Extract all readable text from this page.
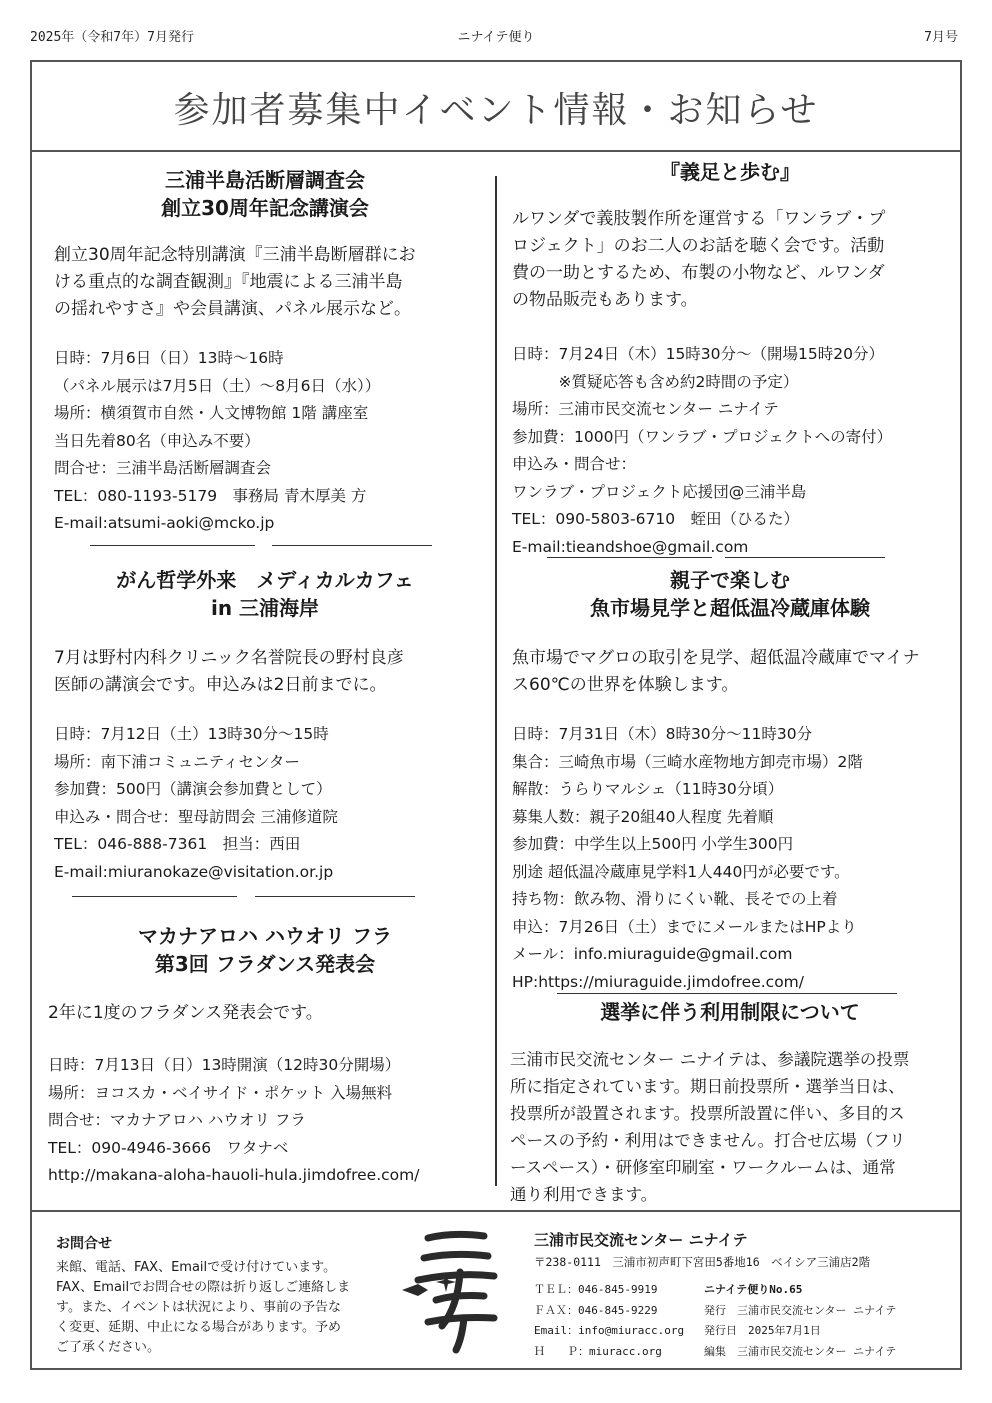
2025年（令和7年）7月発行	ニナイテ便り	7月号
参加者募集中イベント情報・お知らせ
三浦半島活断層調査会
創立30周年記念講演会
創立30周年記念特別講演『三浦半島断層群にお
ける重点的な調査観測』『地震による三浦半島
の揺れやすさ』や会員講演、パネル展示など。
日時：7月6日（日）13時～16時
（パネル展示は7月5日（土）～8月6日（水））
場所：横須賀市自然・人文博物館 1階 講座室
当日先着80名（申込み不要）
問合せ：三浦半島活断層調査会
TEL：080-1193-5179　事務局 青木厚美 方
E-mail:atsumi-aoki@mcko.jp
がん哲学外来　メディカルカフェ
in 三浦海岸
7月は野村内科クリニック名誉院長の野村良彦
医師の講演会です。申込みは2日前までに。
日時：7月12日（土）13時30分～15時
場所：南下浦コミュニティセンター
参加費：500円（講演会参加費として）
申込み・問合せ：聖母訪問会 三浦修道院
TEL：046-888-7361　担当：西田
E-mail:miuranokaze@visitation.or.jp
マカナアロハ ハウオリ フラ
第3回 フラダンス発表会
2年に1度のフラダンス発表会です。
日時：7月13日（日）13時開演（12時30分開場）
場所：ヨコスカ・ベイサイド・ポケット 入場無料
問合せ：マカナアロハ ハウオリ フラ
TEL：090-4946-3666　ワタナベ
http://makana-aloha-hauoli-hula.jimdofree.com/
『義足と歩む』
ルワンダで義肢製作所を運営する「ワンラブ・プ
ロジェクト」のお二人のお話を聴く会です。活動
費の一助とするため、布製の小物など、ルワンダ
の物品販売もあります。
日時：7月24日（木）15時30分～（開場15時20分）
　　　※質疑応答も含め約2時間の予定）
場所：三浦市民交流センター ニナイテ
参加費：1000円（ワンラブ・プロジェクトへの寄付）
申込み・問合せ：
ワンラブ・プロジェクト応援団@三浦半島
TEL：090-5803-6710　蛭田（ひるた）
E-mail:tieandshoe@gmail.com
親子で楽しむ
魚市場見学と超低温冷蔵庫体験
魚市場でマグロの取引を見学、超低温冷蔵庫でマイナ
ス60℃の世界を体験します。
日時：7月31日（木）8時30分～11時30分
集合：三崎魚市場（三崎水産物地方卸売市場）2階
解散：うらりマルシェ（11時30分頃）
募集人数：親子20組40人程度 先着順
参加費：中学生以上500円 小学生300円
別途 超低温冷蔵庫見学料1人440円が必要です。
持ち物：飲み物、滑りにくい靴、長そでの上着
申込：7月26日（土）までにメールまたはHPより
メール：info.miuraguide@gmail.com
HP:https://miuraguide.jimdofree.com/
選挙に伴う利用制限について
三浦市民交流センター ニナイテは、参議院選挙の投票
所に指定されています。期日前投票所・選挙当日は、
投票所が設置されます。投票所設置に伴い、多目的ス
ペースの予約・利用はできません。打合せ広場（フリ
ースペース）・研修室印刷室・ワークルームは、通常
通り利用できます。
お問合せ
来館、電話、FAX、Emailで受け付けています。
FAX、Emailでお問合せの際は折り返しご連絡しま
す。また、イベントは状況により、事前の予告な
く変更、延期、中止になる場合があります。予め
ご了承ください。
三浦市民交流センター ニナイテ
〒238-0111　三浦市初声町下宮田5番地16　ベイシア三浦店2階
ＴＥＬ：046-845-9919
ＦＡＸ：046-845-9229
Email：info@miuracc.org
Ｈ　　Ｐ：miuracc.org
ニナイテ便りNo.65
発行　三浦市民交流センター ニナイテ
発行日　2025年7月1日
編集　三浦市民交流センター ニナイテ
